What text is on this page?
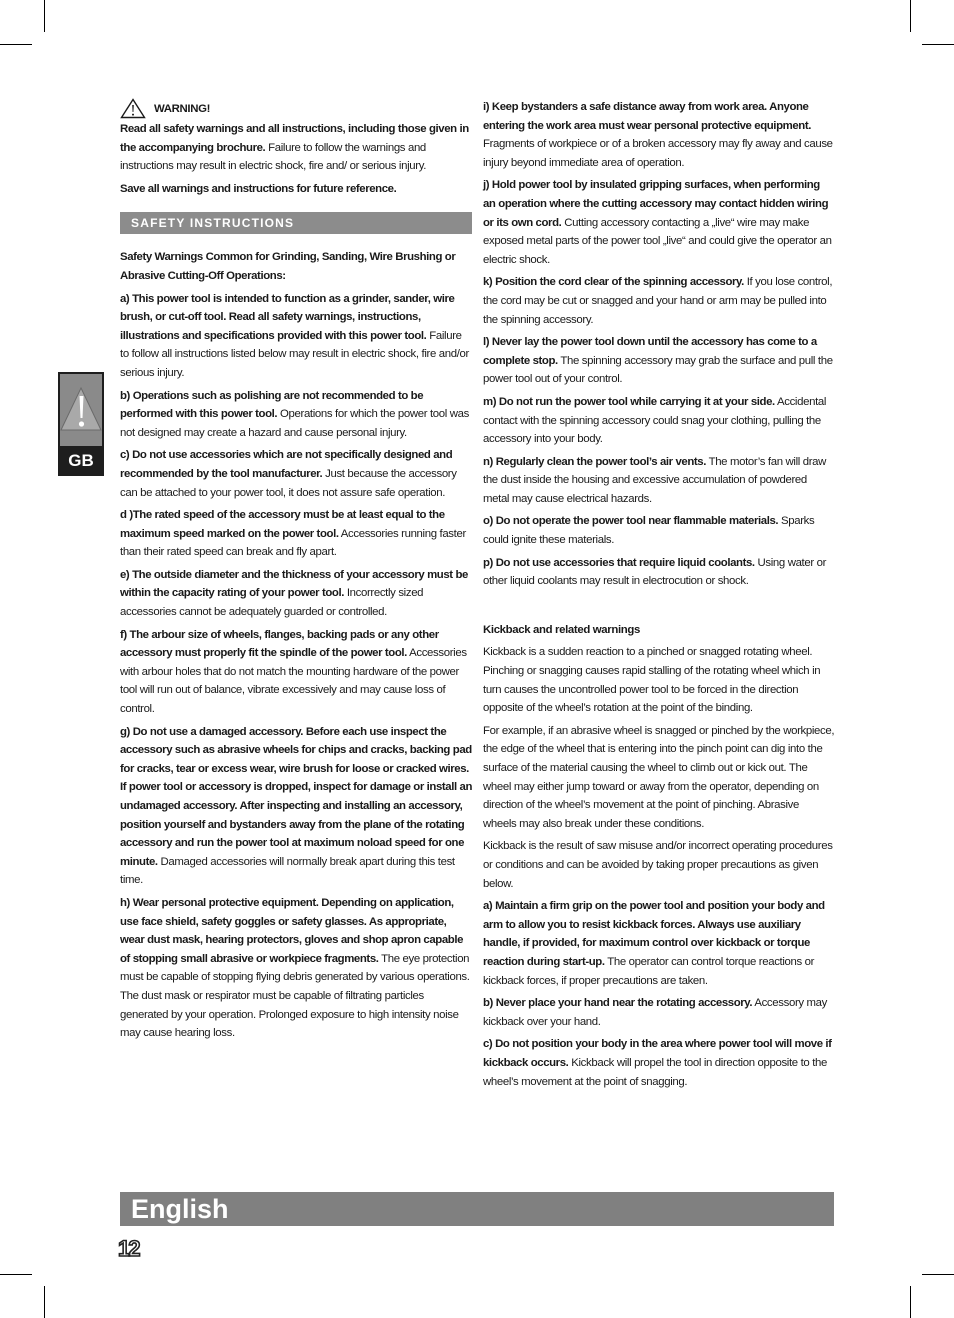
GB
WARNING!

Read all safety warnings and all instructions, including those given in the accompanying brochure. Failure to follow the warnings and instructions may result in electric shock, fire and/ or serious injury.

Save all warnings and instructions for future reference.

SAFETY INSTRUCTIONS

Safety Warnings Common for Grinding, Sanding, Wire Brushing or Abrasive Cutting-Off Operations:

a) This power tool is intended to function as a grinder, sander, wire brush, or cut-off tool. Read all safety warnings, instructions, illustrations and specifications provided with this power tool. Failure to follow all instructions listed below may result in electric shock, fire and/or serious injury.

b) Operations such as polishing are not recommended to be performed with this power tool. Operations for which the power tool was not designed may create a hazard and cause personal injury.

c) Do not use accessories which are not specifically designed and recommended by the tool manufacturer. Just because the accessory can be attached to your power tool, it does not assure safe operation.

d )The rated speed of the accessory must be at least equal to the maximum speed marked on the power tool. Accessories running faster than their rated speed can break and fly apart.

e) The outside diameter and the thickness of your accessory must be within the capacity rating of your power tool. Incorrectly sized accessories cannot be adequately guarded or controlled.

f) The arbour size of wheels, flanges, backing pads or any other accessory must properly fit the spindle of the power tool. Accessories with arbour holes that do not match the mounting hardware of the power tool will run out of balance, vibrate excessively and may cause loss of control.

g) Do not use a damaged accessory. Before each use inspect the accessory such as abrasive wheels for chips and cracks, backing pad for cracks, tear or excess wear, wire brush for loose or cracked wires. If power tool or accessory is dropped, inspect for damage or install an undamaged accessory. After inspecting and installing an accessory, position yourself and bystanders away from the plane of the rotating accessory and run the power tool at maximum noload speed for one minute. Damaged accessories will normally break apart during this test time.

h) Wear personal protective equipment. Depending on application, use face shield, safety goggles or safety glasses. As appropriate, wear dust mask, hearing protectors, gloves and shop apron capable of stopping small abrasive or workpiece fragments. The eye protection must be capable of stopping flying debris generated by various operations. The dust mask or respirator must be capable of filtrating particles generated by your operation. Prolonged exposure to high intensity noise may cause hearing loss.

i) Keep bystanders a safe distance away from work area. Anyone entering the work area must wear personal protective equipment. Fragments of workpiece or of a broken accessory may fly away and cause injury beyond immediate area of operation.

j) Hold power tool by insulated gripping surfaces, when performing an operation where the cutting accessory may contact hidden wiring or its own cord. Cutting accessory contacting a „live“ wire may make exposed metal parts of the power tool „live“ and could give the operator an electric shock.

k) Position the cord clear of the spinning accessory. If you lose control, the cord may be cut or snagged and your hand or arm may be pulled into the spinning accessory.

l) Never lay the power tool down until the accessory has come to a complete stop. The spinning accessory may grab the surface and pull the power tool out of your control.

m) Do not run the power tool while carrying it at your side. Accidental contact with the spinning accessory could snag your clothing, pulling the accessory into your body.

n) Regularly clean the power tool’s air vents. The motor’s fan will draw the dust inside the housing and excessive accumulation of powdered metal may cause electrical hazards.

o) Do not operate the power tool near flammable materials. Sparks could ignite these materials.

p) Do not use accessories that require liquid coolants. Using water or other liquid coolants may result in electrocution or shock.

Kickback and related warnings

Kickback is a sudden reaction to a pinched or snagged rotating wheel. Pinching or snagging causes rapid stalling of the rotating wheel which in turn causes the uncontrolled power tool to be forced in the direction opposite of the wheel’s rotation at the point of the binding.

For example, if an abrasive wheel is snagged or pinched by the workpiece, the edge of the wheel that is entering into the pinch point can dig into the surface of the material causing the wheel to climb out or kick out. The wheel may either jump toward or away from the operator, depending on direction of the wheel’s movement at the point of pinching. Abrasive wheels may also break under these conditions.

Kickback is the result of saw misuse and/or incorrect operating procedures or conditions and can be avoided by taking proper precautions as given below.

a) Maintain a firm grip on the power tool and position your body and arm to allow you to resist kickback forces. Always use auxiliary handle, if provided, for maximum control over kickback or torque reaction during start-up. The operator can control torque reactions or kickback forces, if proper precautions are taken.

b) Never place your hand near the rotating accessory. Accessory may kickback over your hand.

c) Do not position your body in the area where power tool will move if kickback occurs. Kickback will propel the tool in direction opposite to the wheel’s movement at the point of snagging.

English
12
